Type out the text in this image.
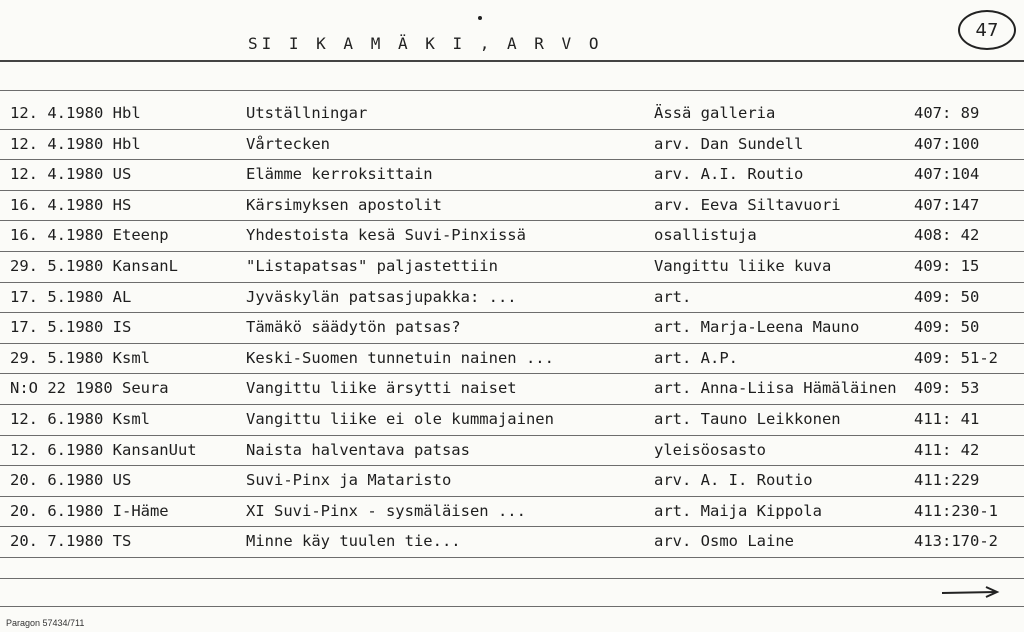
SI I K A M Ä K I , A R V O
47
12. 4.1980 Hbl	Utställningar	Ässä galleria	407: 89
12. 4.1980 Hbl	Vårtecken	arv. Dan Sundell	407:100
12. 4.1980 US	Elämme kerroksittain	arv. A.I. Routio	407:104
16. 4.1980 HS	Kärsimyksen apostolit	arv. Eeva Siltavuori	407:147
16. 4.1980 Eteenp	Yhdestoista kesä Suvi-Pinxissä	osallistuja	408: 42
29. 5.1980 KansanL	"Listapatsas" paljastettiin	Vangittu liike kuva	409: 15
17. 5.1980 AL	Jyväskylän patsasjupakka: ...	art.	409: 50
17. 5.1980 IS	Tämäkö säädytön patsas?	art. Marja-Leena Mauno	409: 50
29. 5.1980 Ksml	Keski-Suomen tunnetuin nainen ...	art. A.P.	409: 51-2
N:O 22 1980 Seura	Vangittu liike ärsytti naiset	art. Anna-Liisa Hämäläinen 409: 53
12. 6.1980 Ksml	Vangittu liike ei ole kummajainen	art. Tauno Leikkonen	411: 41
12. 6.1980 KansanUut	Naista halventava patsas	yleisöosasto	411: 42
20. 6.1980 US	Suvi-Pinx ja Mataristo	arv. A. I. Routio	411:229
20. 6.1980 I-Häme	XI Suvi-Pinx - sysmäläisen ...	art. Maija Kippola	411:230-1
20. 7.1980 TS	Minne käy tuulen tie...	arv. Osmo Laine	413:170-2
Paragon 57434/711
